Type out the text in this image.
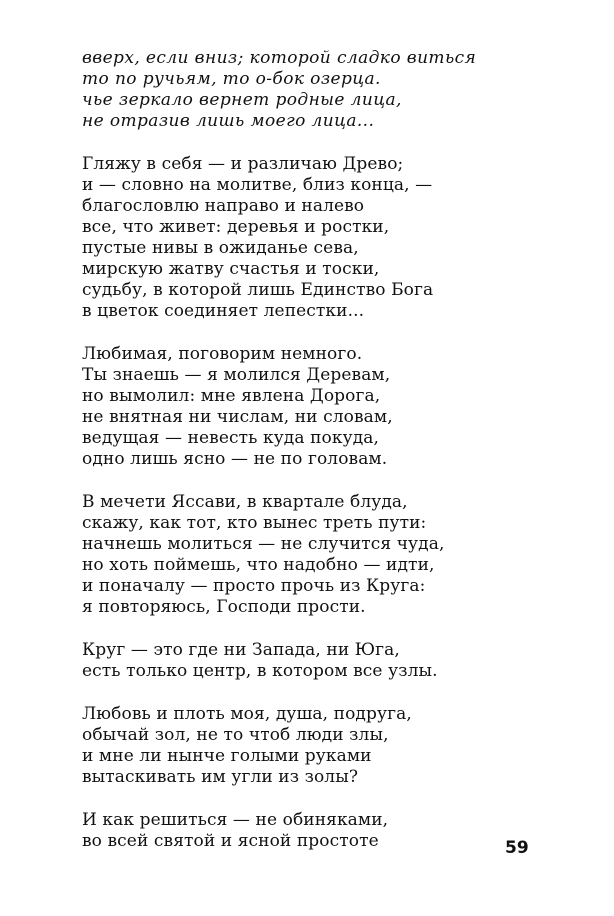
вверх, если вниз; которой сладко виться
то по ручьям, то о-бок озерца.
чье зеркало вернет родные лица,
не отразив лишь моего лица...
Гляжу в себя — и различаю Древо;
и — словно на молитве, близ конца, —
благословлю направо и налево
все, что живет: деревья и ростки,
пустые нивы в ожиданье сева,
мирскую жатву счастья и тоски,
судьбу, в которой лишь Единство Бога
в цветок соединяет лепестки...
Любимая, поговорим немного.
Ты знаешь — я молился Деревам,
но вымолил: мне явлена Дорога,
не внятная ни числам, ни словам,
ведущая — невесть куда покуда,
одно лишь ясно — не по головам.
В мечети Яссави, в квартале блуда,
скажу, как тот, кто вынес треть пути:
начнешь молиться — не случится чуда,
но хоть поймешь, что надобно — идти,
и поначалу — просто прочь из Круга:
я повторяюсь, Господи прости.
Круг — это где ни Запада, ни Юга,
есть только центр, в котором все узлы.
Любовь и плоть моя, душа, подруга,
обычай зол, не то чтоб люди злы,
и мне ли нынче голыми руками
вытаскивать им угли из золы?
И как решиться — не обиняками,
во всей святой и ясной простоте	59
